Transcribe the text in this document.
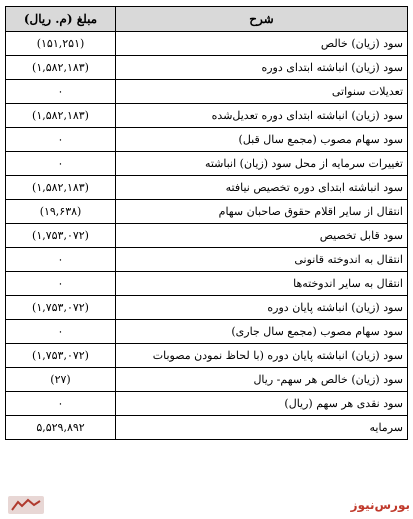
مبلغ (م. ریال)	شرح
(۱۵۱,۲۵۱)	سود (زیان) خالص
(۱,۵۸۲,۱۸۳)	سود (زیان) انباشته ابتدای دوره
۰	تعدیلات سنواتی
(۱,۵۸۲,۱۸۳)	سود (زیان) انباشته ابتدای دوره تعدیل‌شده
۰	سود سهام مصوب (مجمع سال قبل)
۰	تغییرات سرمایه از محل سود (زیان) انباشته
(۱,۵۸۲,۱۸۳)	سود انباشته ابتدای دوره تخصیص نیافته
(۱۹,۶۳۸)	انتقال از سایر اقلام حقوق صاحبان سهام
(۱,۷۵۳,۰۷۲)	سود قابل تخصیص
۰	انتقال به اندوخته قانونی
۰	انتقال به سایر اندوخته‌ها
(۱,۷۵۳,۰۷۲)	سود (زیان) انباشته پایان دوره
۰	سود سهام مصوب (مجمع سال جاری)
(۱,۷۵۳,۰۷۲)	سود (زیان) انباشته پایان دوره (با لحاظ نمودن مصوبات
(۲۷)	سود (زیان) خالص هر سهم- ریال
۰	سود نقدی هر سهم (ریال)
۵,۵۲۹,۸۹۲	سرمایه
بورس‌نیوز
